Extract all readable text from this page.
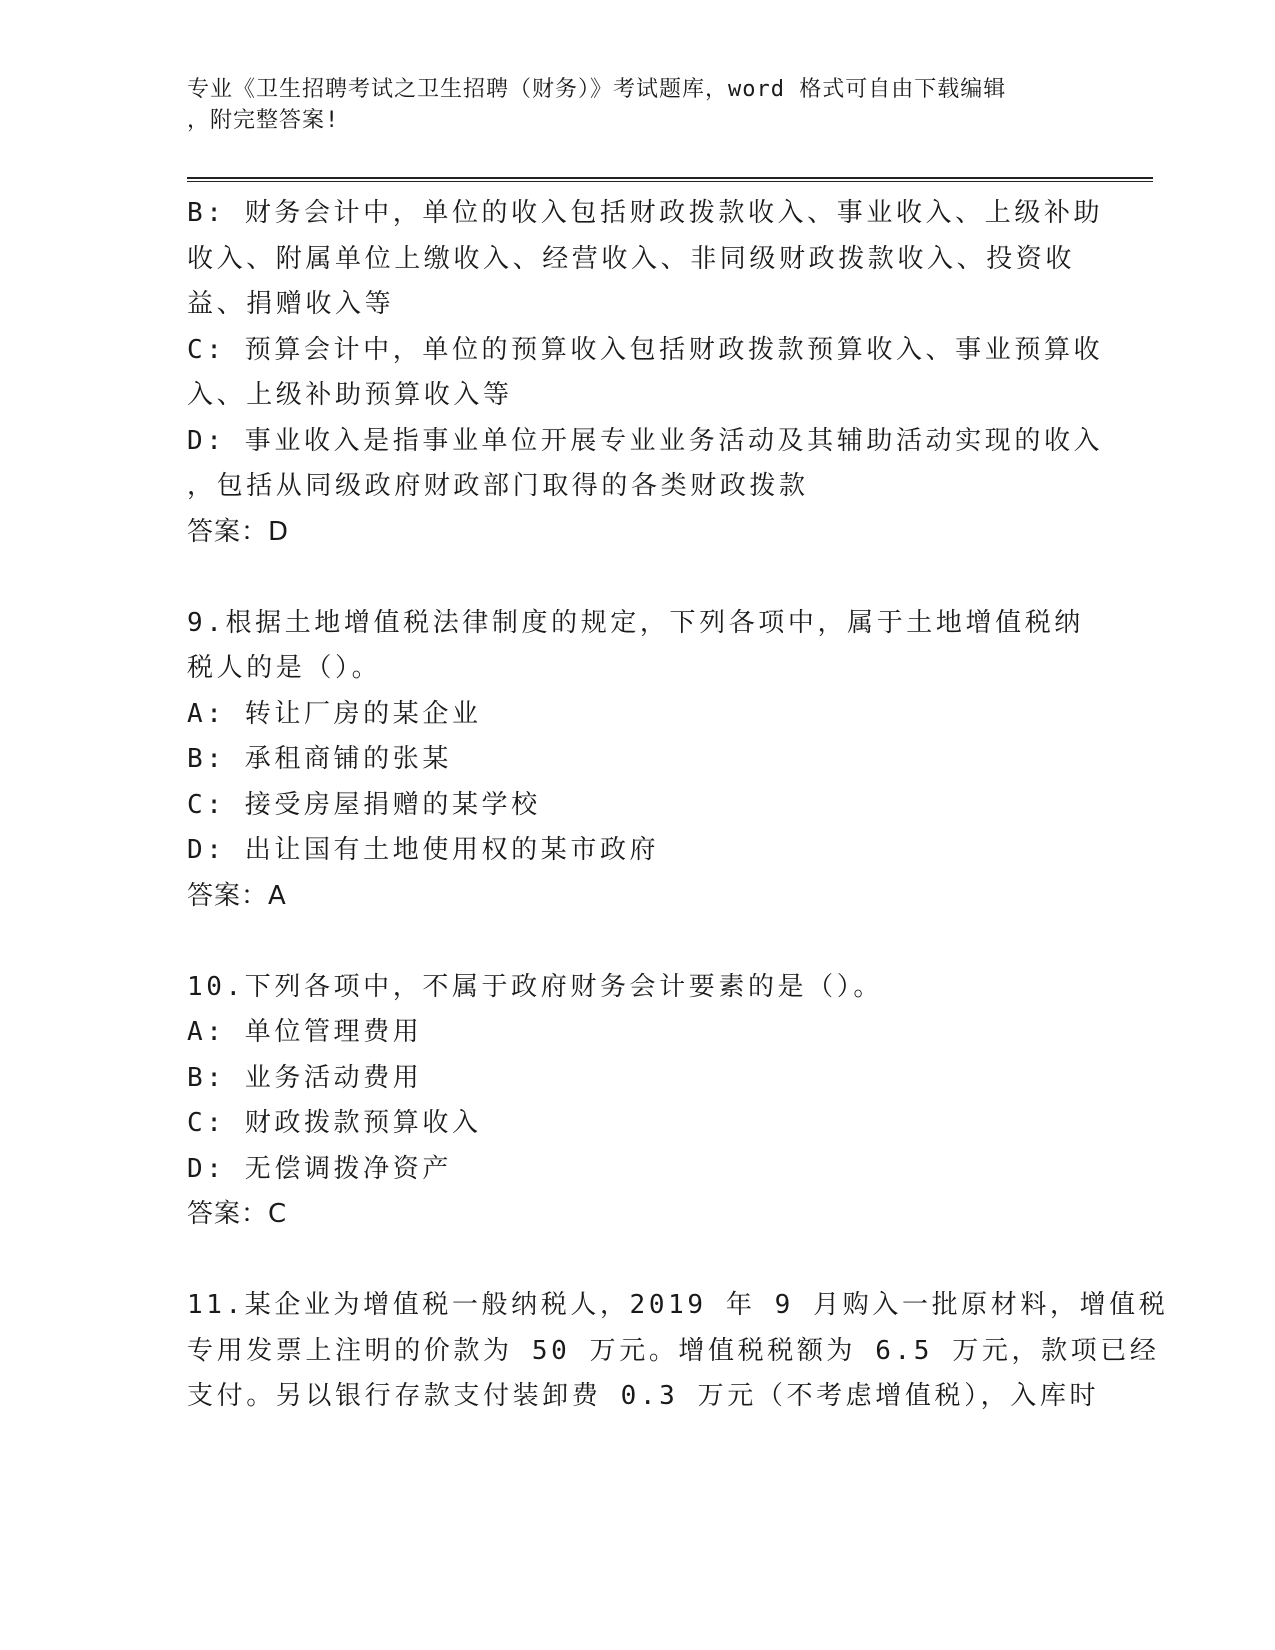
专业《卫生招聘考试之卫生招聘（财务）》考试题库，word 格式可自由下载编辑
，附完整答案!
B: 财务会计中，单位的收入包括财政拨款收入、事业收入、上级补助
收入、附属单位上缴收入、经营收入、非同级财政拨款收入、投资收
益、捐赠收入等
C: 预算会计中，单位的预算收入包括财政拨款预算收入、事业预算收
入、上级补助预算收入等
D: 事业收入是指事业单位开展专业业务活动及其辅助活动实现的收入
，包括从同级政府财政部门取得的各类财政拨款
答案：D
9.根据土地增值税法律制度的规定，下列各项中，属于土地增值税纳
税人的是（）。
A: 转让厂房的某企业
B: 承租商铺的张某
C: 接受房屋捐赠的某学校
D: 出让国有土地使用权的某市政府
答案：A
10.下列各项中，不属于政府财务会计要素的是（）。
A: 单位管理费用
B: 业务活动费用
C: 财政拨款预算收入
D: 无偿调拨净资产
答案：C
11.某企业为增值税一般纳税人，2019 年 9 月购入一批原材料，增值税
专用发票上注明的价款为 50 万元。增值税税额为 6.5 万元，款项已经
支付。另以银行存款支付装卸费 0.3 万元（不考虑增值税），入库时
